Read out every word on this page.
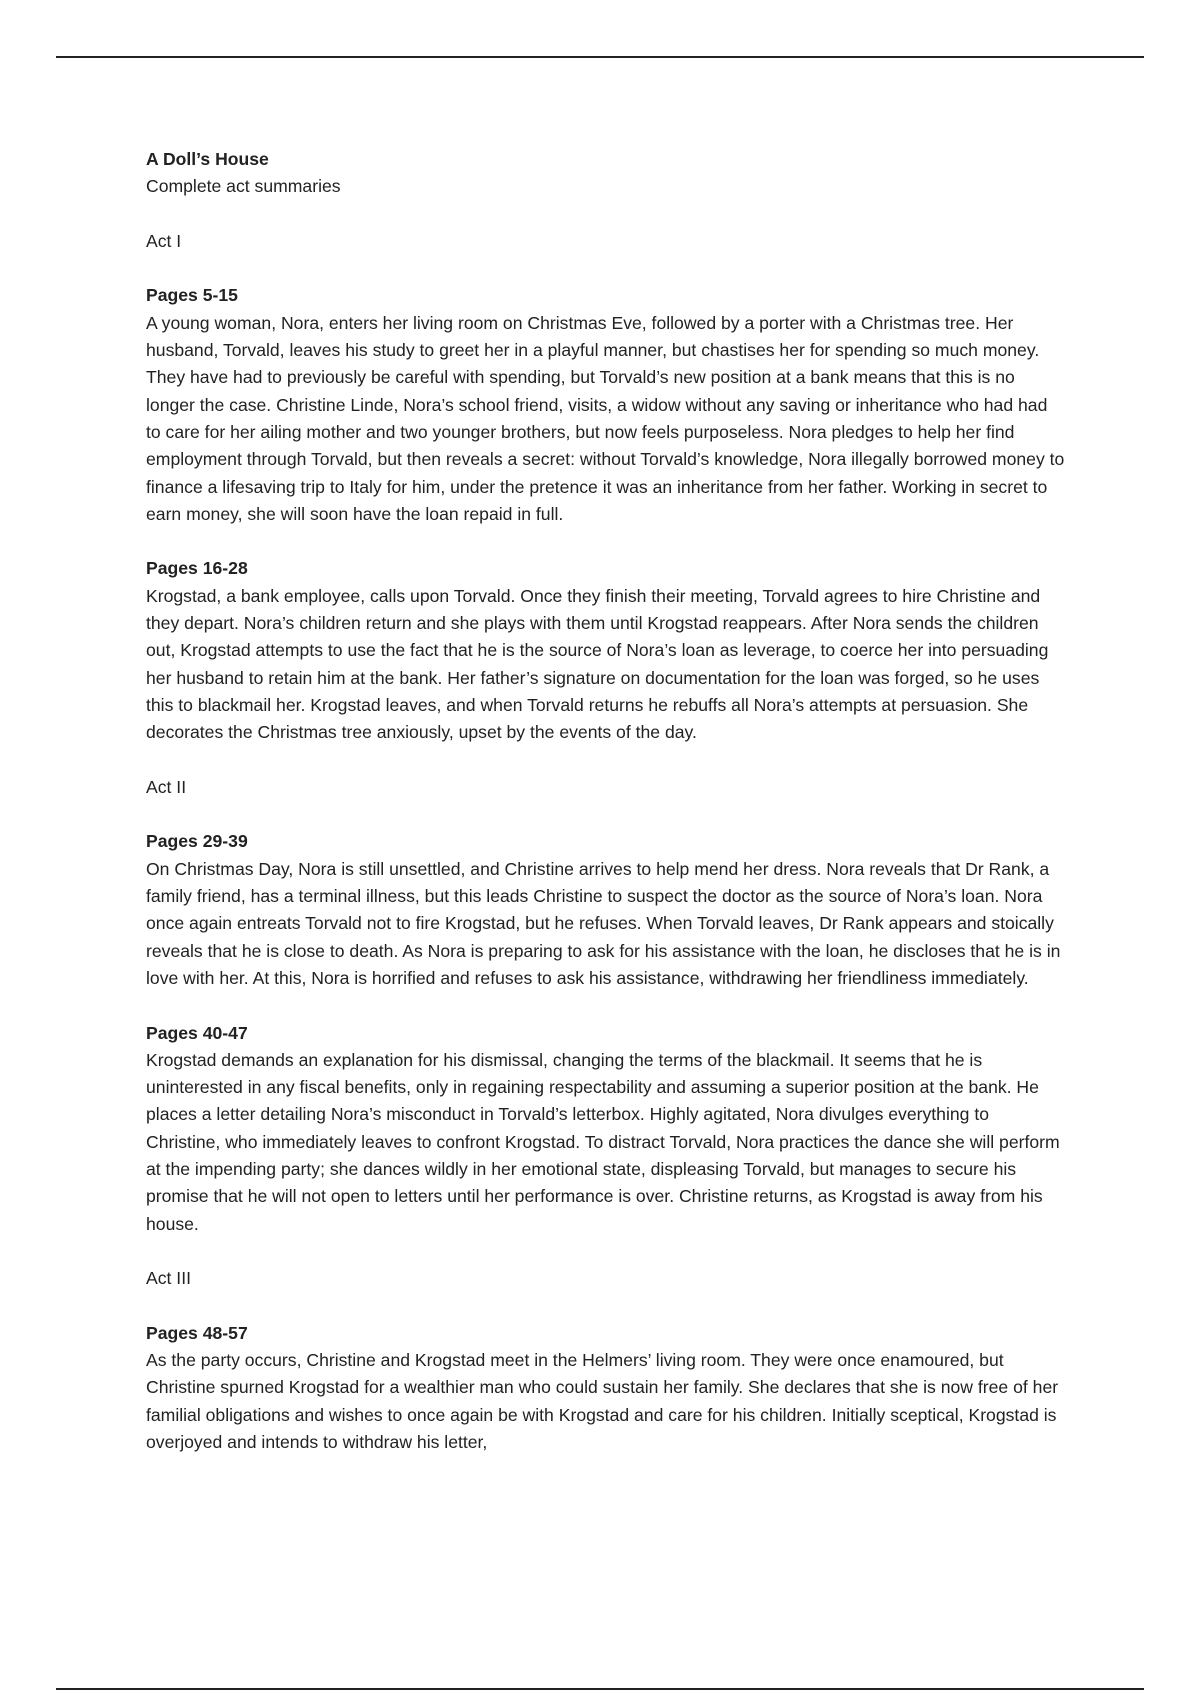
A Doll’s House

Complete act summaries

Act I

Pages 5-15

A young woman, Nora, enters her living room on Christmas Eve, followed by a porter with a Christmas tree. Her husband, Torvald, leaves his study to greet her in a playful manner, but chastises her for spending so much money. They have had to previously be careful with spending, but Torvald’s new position at a bank means that this is no longer the case. Christine Linde, Nora’s school friend, visits, a widow without any saving or inheritance who had had to care for her ailing mother and two younger brothers, but now feels purposeless. Nora pledges to help her find employment through Torvald, but then reveals a secret: without Torvald’s knowledge, Nora illegally borrowed money to finance a lifesaving trip to Italy for him, under the pretence it was an inheritance from her father. Working in secret to earn money, she will soon have the loan repaid in full.

Pages 16-28

Krogstad, a bank employee, calls upon Torvald. Once they finish their meeting, Torvald agrees to hire Christine and they depart. Nora’s children return and she plays with them until Krogstad reappears. After Nora sends the children out, Krogstad attempts to use the fact that he is the source of Nora’s loan as leverage, to coerce her into persuading her husband to retain him at the bank. Her father’s signature on documentation for the loan was forged, so he uses this to blackmail her. Krogstad leaves, and when Torvald returns he rebuffs all Nora’s attempts at persuasion. She decorates the Christmas tree anxiously, upset by the events of the day.

Act II

Pages 29-39

On Christmas Day, Nora is still unsettled, and Christine arrives to help mend her dress. Nora reveals that Dr Rank, a family friend, has a terminal illness, but this leads Christine to suspect the doctor as the source of Nora’s loan. Nora once again entreats Torvald not to fire Krogstad, but he refuses. When Torvald leaves, Dr Rank appears and stoically reveals that he is close to death. As Nora is preparing to ask for his assistance with the loan, he discloses that he is in love with her. At this, Nora is horrified and refuses to ask his assistance, withdrawing her friendliness immediately.

Pages 40-47

Krogstad demands an explanation for his dismissal, changing the terms of the blackmail. It seems that he is uninterested in any fiscal benefits, only in regaining respectability and assuming a superior position at the bank. He places a letter detailing Nora’s misconduct in Torvald’s letterbox. Highly agitated, Nora divulges everything to Christine, who immediately leaves to confront Krogstad. To distract Torvald, Nora practices the dance she will perform at the impending party; she dances wildly in her emotional state, displeasing Torvald, but manages to secure his promise that he will not open to letters until her performance is over. Christine returns, as Krogstad is away from his house.

Act III

Pages 48-57

As the party occurs, Christine and Krogstad meet in the Helmers’ living room. They were once enamoured, but Christine spurned Krogstad for a wealthier man who could sustain her family. She declares that she is now free of her familial obligations and wishes to once again be with Krogstad and care for his children. Initially sceptical, Krogstad is overjoyed and intends to withdraw his letter,
